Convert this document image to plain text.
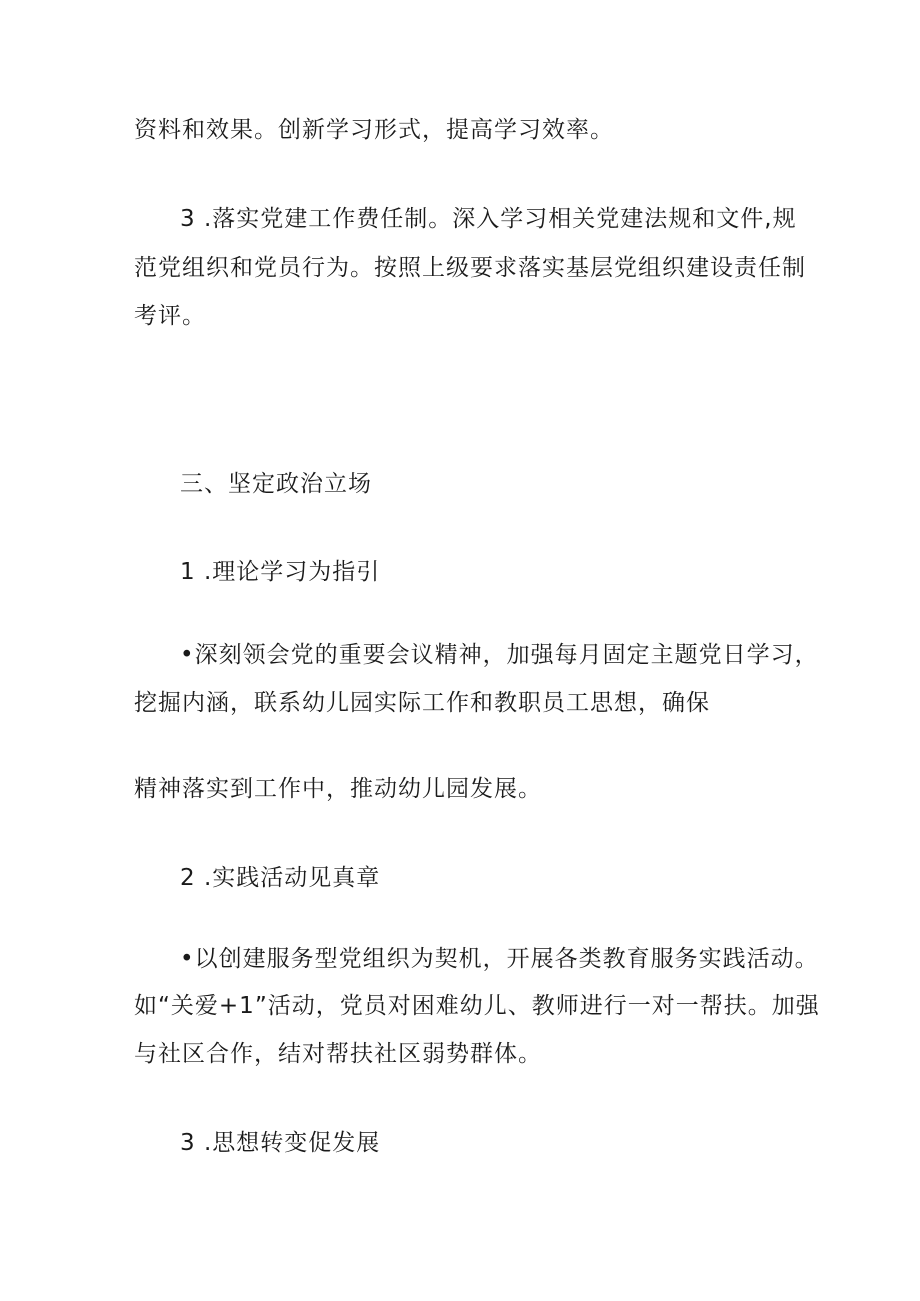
资料和效果。创新学习形式，提高学习效率。
3 .落实党建工作费任制。深入学习相关党建法规和文件,规
范党组织和党员行为。按照上级要求落实基层党组织建设责任制
考评。
三、坚定政治立场
1 .理论学习为指引
•深刻领会党的重要会议精神，加强每月固定主题党日学习，
挖掘内涵，联系幼儿园实际工作和教职员工思想，确保
精神落实到工作中，推动幼儿园发展。
2 .实践活动见真章
•以创建服务型党组织为契机，开展各类教育服务实践活动。
如“关爱+1”活动，党员对困难幼儿、教师进行一对一帮扶。加强
与社区合作，结对帮扶社区弱势群体。
3 .思想转变促发展
